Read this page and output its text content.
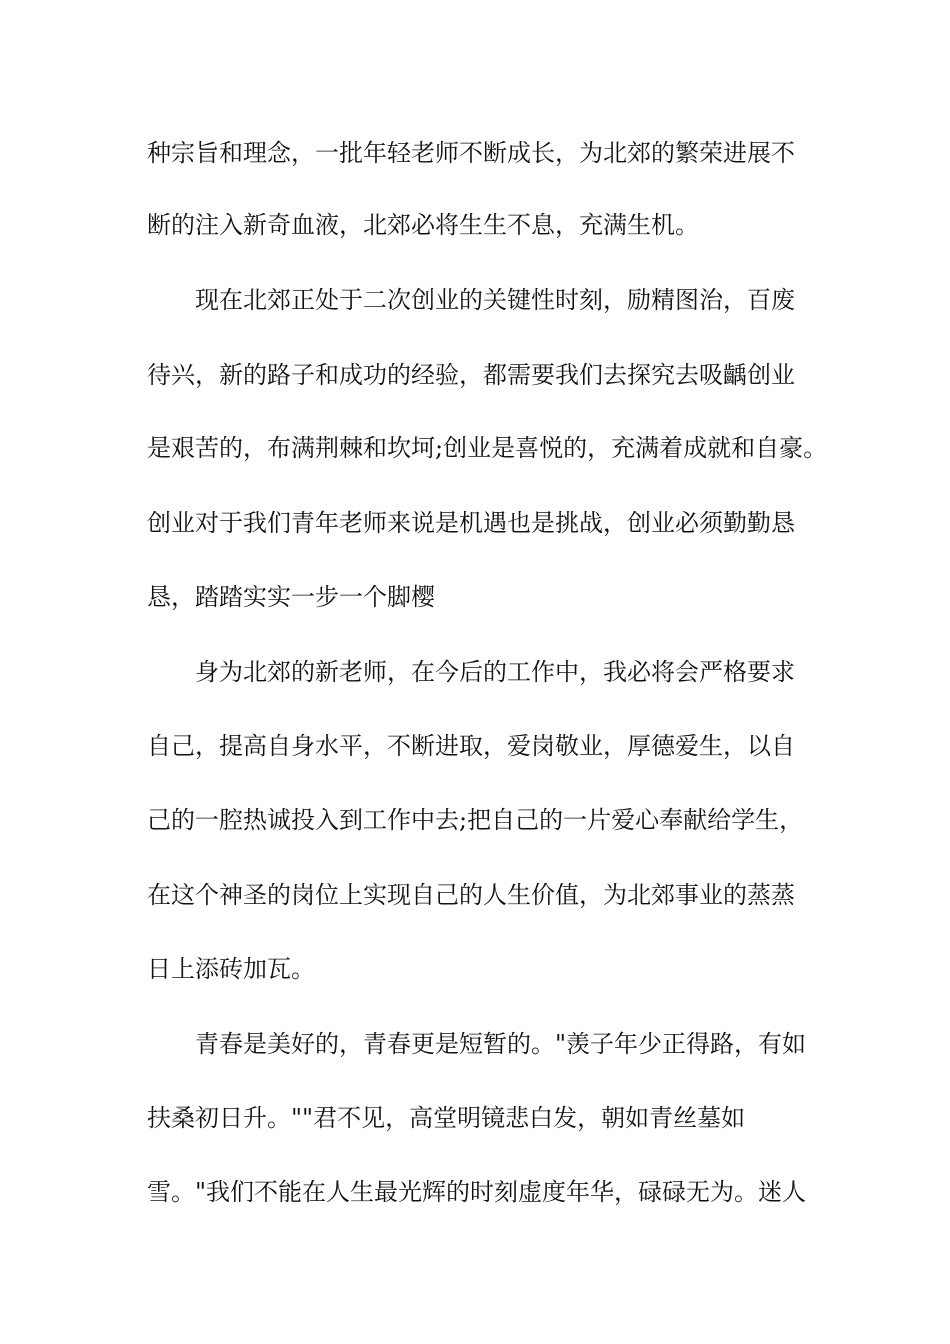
种宗旨和理念，一批年轻老师不断成长，为北郊的繁荣进展不

断的注入新奇血液，北郊必将生生不息，充满生机。

现在北郊正处于二次创业的关键性时刻，励精图治，百废

待兴，新的路子和成功的经验，都需要我们去探究去吸齲创业

是艰苦的，布满荆棘和坎坷;创业是喜悦的，充满着成就和自豪。

创业对于我们青年老师来说是机遇也是挑战，创业必须勤勤恳

恳，踏踏实实一步一个脚樱

身为北郊的新老师，在今后的工作中，我必将会严格要求

自己，提高自身水平，不断进取，爱岗敬业，厚德爱生，以自

己的一腔热诚投入到工作中去;把自己的一片爱心奉献给学生，

在这个神圣的岗位上实现自己的人生价值，为北郊事业的蒸蒸

日上添砖加瓦。

青春是美好的，青春更是短暂的。"羡子年少正得路，有如

扶桑初日升。""君不见，高堂明镜悲白发，朝如青丝墓如

雪。"我们不能在人生最光辉的时刻虚度年华，碌碌无为。迷人
